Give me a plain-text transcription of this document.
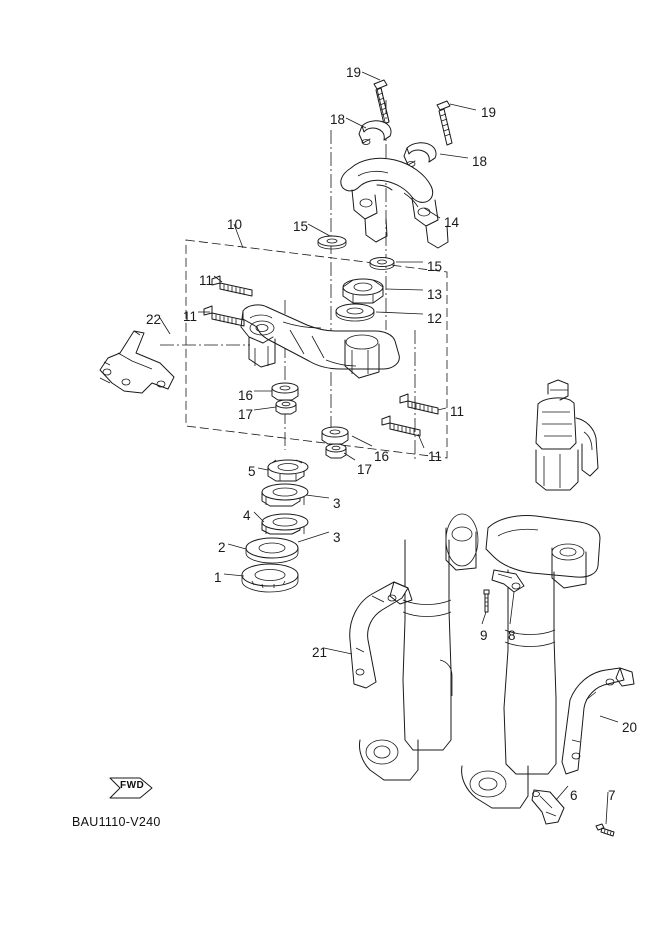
FWD
BAU1110-V240
19
19
18
18
14
10	15
15
13
11
12
11
22
16
17	11
11
17
16
5
3
4
3
2
1
9 8
21
20
6 7
